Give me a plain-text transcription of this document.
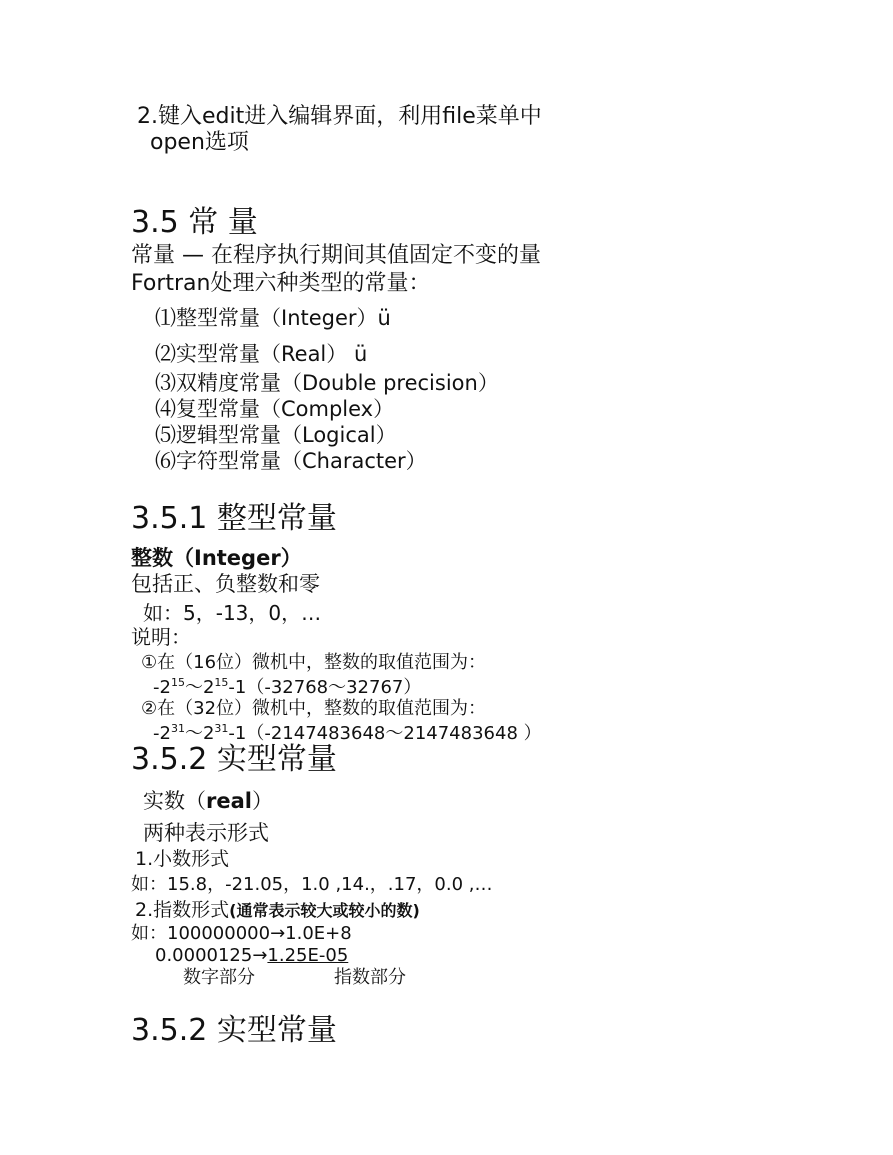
2.键入edit进入编辑界面，利用file菜单中
open选项
3.5 常 量
常量 — 在程序执行期间其值固定不变的量
Fortran处理六种类型的常量：
⑴整型常量（Integer）ü
⑵实型常量（Real） ü
⑶双精度常量（Double precision）
⑷复型常量（Complex）
⑸逻辑型常量（Logical）
⑹字符型常量（Character）
3.5.1 整型常量
整数（Integer）
包括正、负整数和零
如：5，-13，0，…
说明：
①在（16位）微机中，整数的取值范围为：
$-2^{15}\sim 2^{15}-1(-32768\sim 32767)$
②在（32位）微机中，整数的取值范围为：
$-2^{31}\sim 2^{31}-1(-2147483648\sim 2147483648$ ）
3.5.2 实型常量
实数（real）
两种表示形式
1.小数形式
如：15.8，-21.05，1.0 ,14.，.17，0.0 ,…
2.指数形式(通常表示较大或较小的数)
如：100000000→1.0E+8
0.0000125→1.25E-05
数字部分	指数部分
3.5.2 实型常量
